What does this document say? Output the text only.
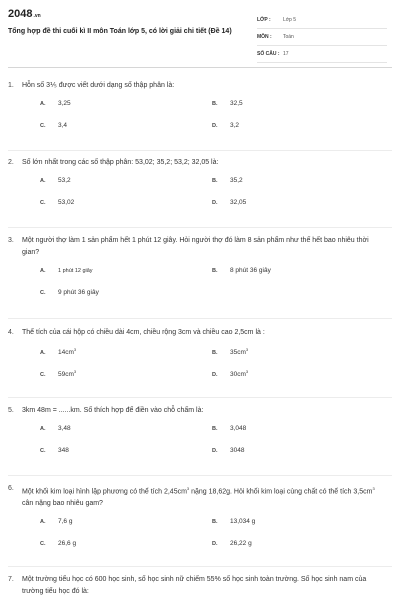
2048.vn
Tổng hợp đề thi cuối kì II môn Toán lớp 5, có lời giải chi tiết (Đề 14)
LỚP : Lớp 5
MÔN : Toán
SỐ CÂU : 17
1. Hỗn số 3⅕ được viết dưới dạng số thập phân là:
A. 3,25	B. 32,5
C. 3,4	D. 3,2
2. Số lớn nhất trong các số thập phân: 53,02; 35,2; 53,2; 32,05 là:
A. 53,2	B. 35,2
C. 53,02	D. 32,05
3. Một người thợ làm 1 sản phẩm hết 1 phút 12 giây. Hỏi người thợ đó làm 8 sản phẩm như thế hết bao nhiêu thời gian?
A. 1 phút 12 giây	B. 8 phút 36 giây
C. 9 phút 36 giây
4. Thể tích của cái hộp có chiều dài 4cm, chiều rộng 3cm và chiều cao 2,5cm là :
A. $14cm^3$
B. $35cm^3$
C. $59cm^3$
D. $30cm^3$
5. 3km 48m = ......km. Số thích hợp để điền vào chỗ chấm là:
A. 3,48	B. 3,048
C. 348	D. 3048
6. Một khối kim loại hình lập phương có thể tích $2,45cm^3$ nặng 18,62g. Hỏi khối kim loại cùng chất có thể tích $3,5cm^3$ cân nặng bao nhiêu gam?
A. 7,6 g	B. 13,034 g
C. 26,6 g	D. 26,22 g
7. Một trường tiểu học có 600 học sinh, số học sinh nữ chiếm 55% số học sinh toàn trường. Số học sinh nam của trường tiểu học đó là:
